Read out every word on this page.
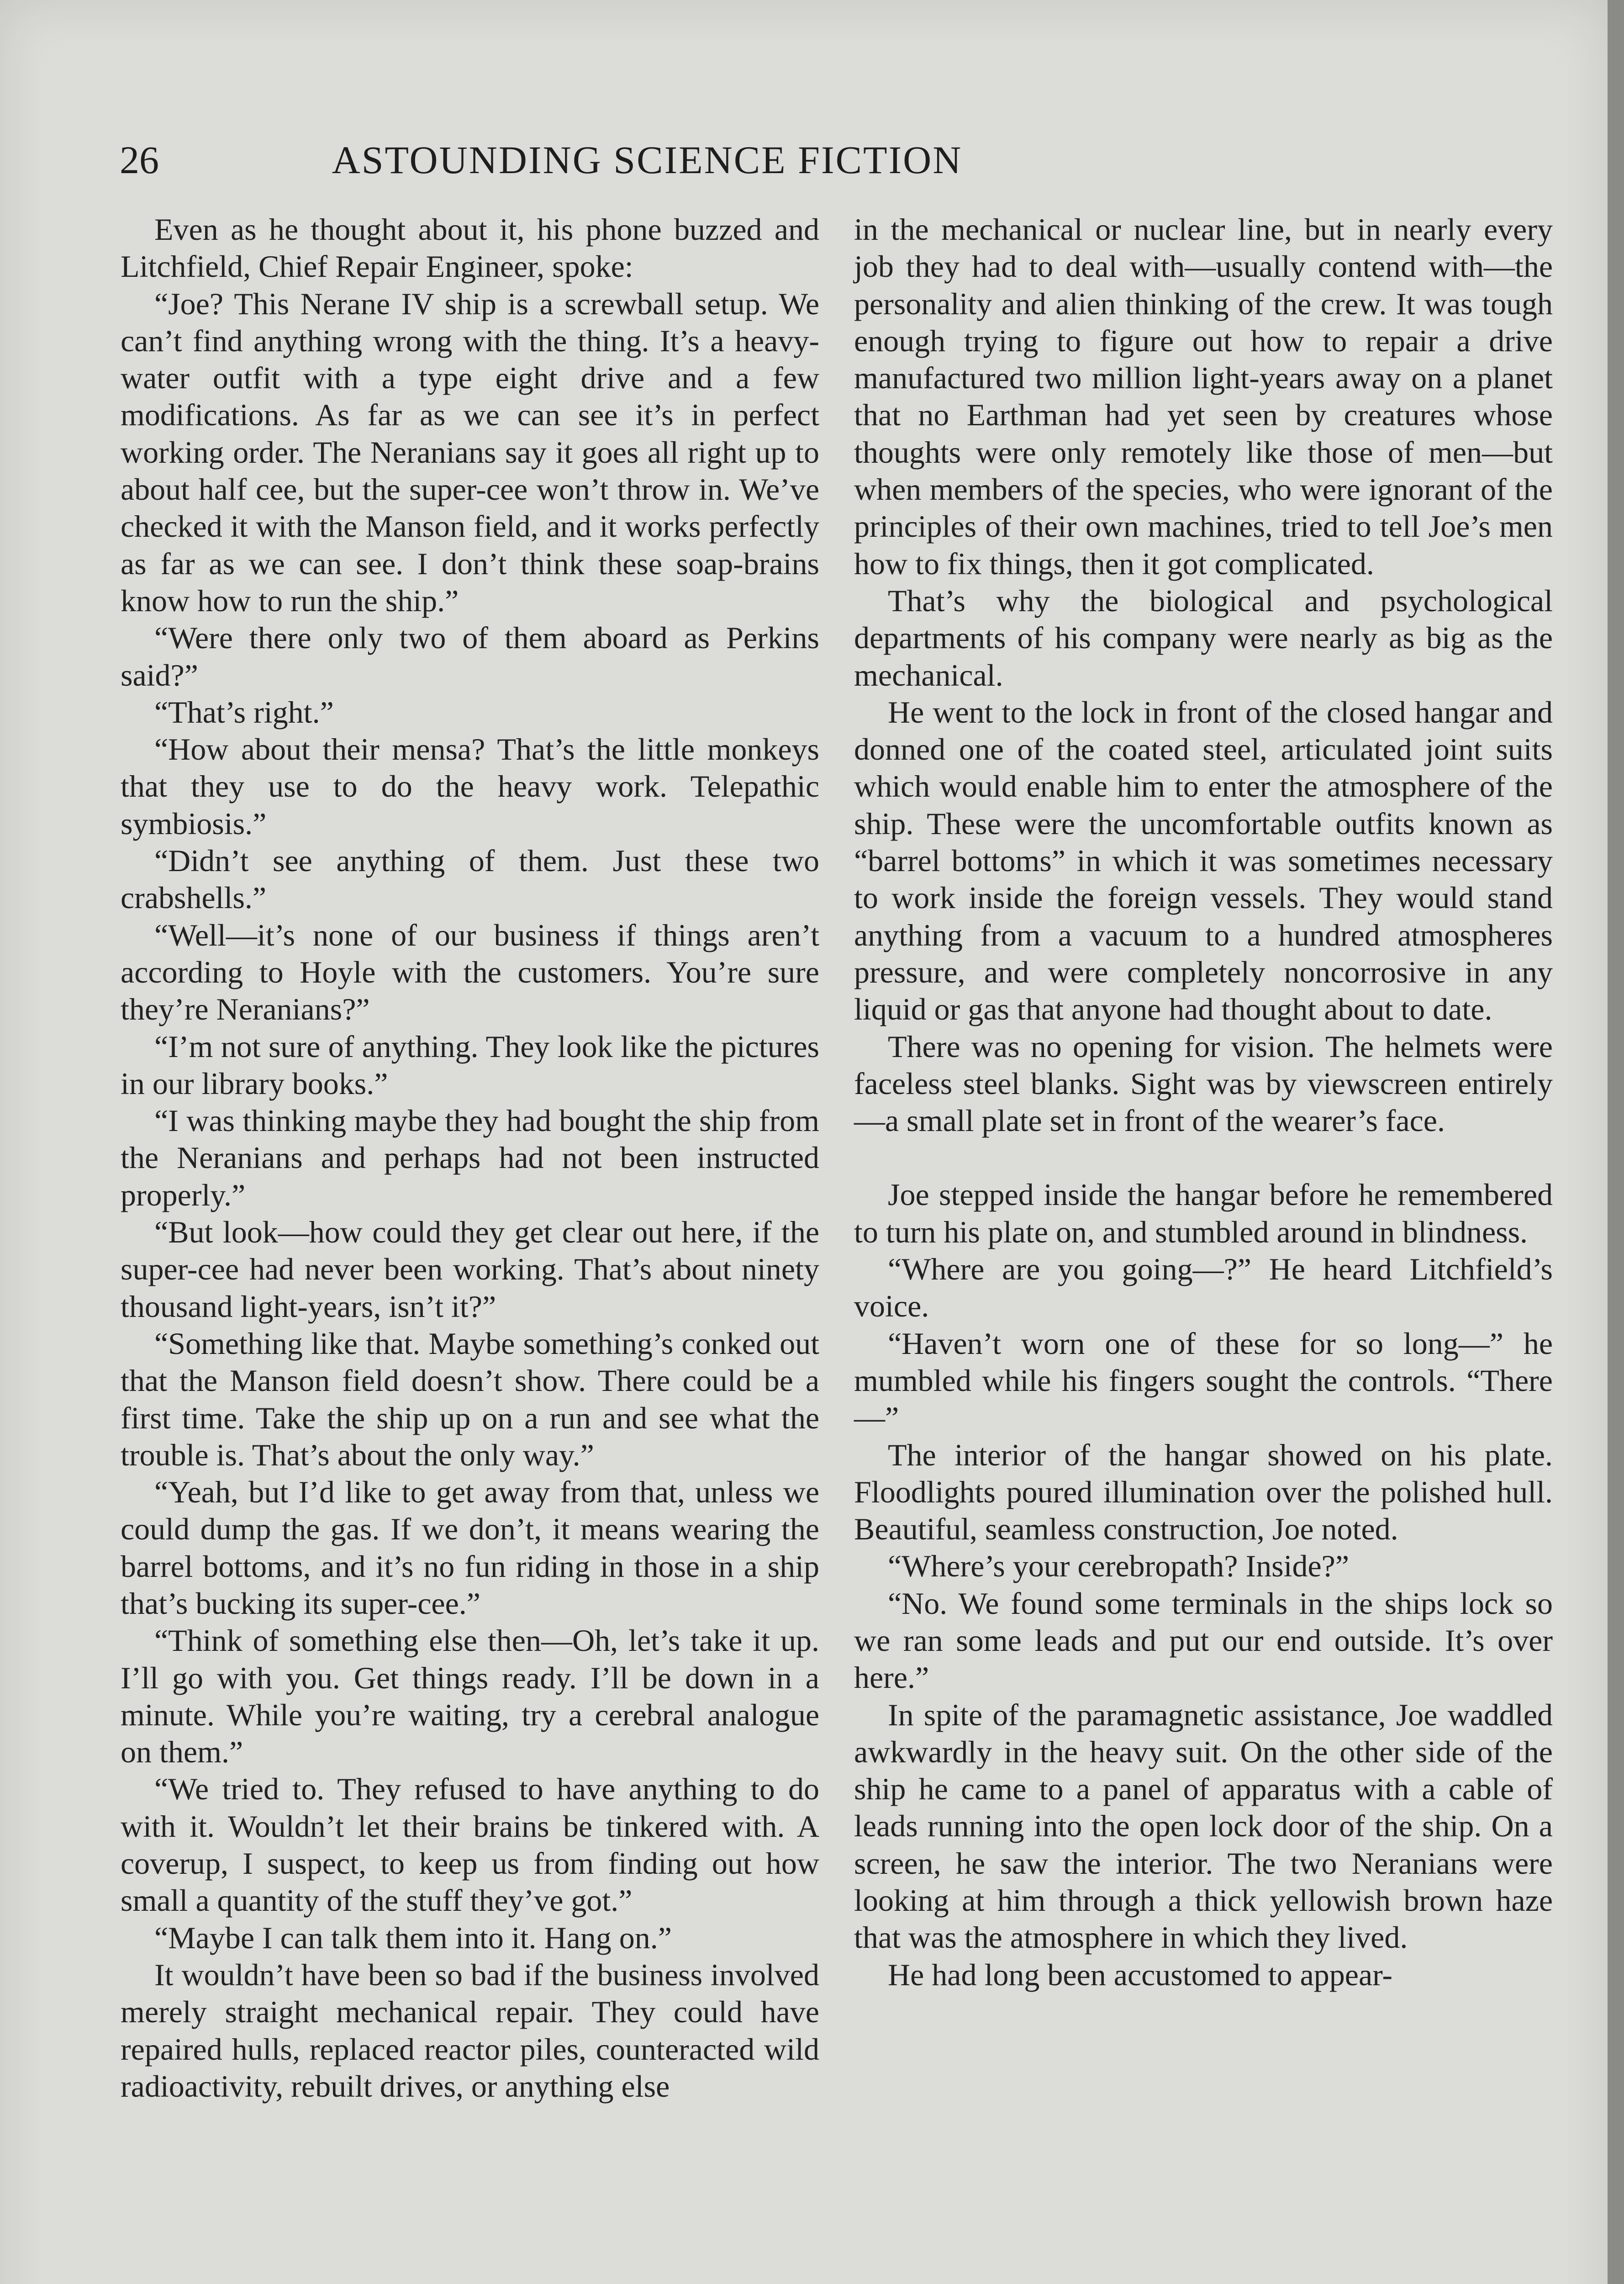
26	ASTOUNDING SCIENCE FICTION

Even as he thought about it, his phone buzzed and Litchfield, Chief Repair Engineer, spoke:

“Joe? This Nerane IV ship is a screwball setup. We can’t find anything wrong with the thing. It’s a heavy-water outfit with a type eight drive and a few modifications. As far as we can see it’s in perfect working order. The Neranians say it goes all right up to about half cee, but the super-cee won’t throw in. We’ve checked it with the Manson field, and it works perfectly as far as we can see. I don’t think these soap-brains know how to run the ship.”

“Were there only two of them aboard as Perkins said?”

“That’s right.”

“How about their mensa? That’s the little monkeys that they use to do the heavy work. Telepathic symbiosis.”

“Didn’t see anything of them. Just these two crabshells.”

“Well—it’s none of our business if things aren’t according to Hoyle with the customers. You’re sure they’re Neranians?”

“I’m not sure of anything. They look like the pictures in our library books.”

“I was thinking maybe they had bought the ship from the Neranians and perhaps had not been instructed properly.”

“But look—how could they get clear out here, if the super-cee had never been working. That’s about ninety thousand light-years, isn’t it?”

“Something like that. Maybe something’s conked out that the Manson field doesn’t show. There could be a first time. Take the ship up on a run and see what the trouble is. That’s about the only way.”

“Yeah, but I’d like to get away from that, unless we could dump the gas. If we don’t, it means wearing the barrel bottoms, and it’s no fun riding in those in a ship that’s bucking its super-cee.”

“Think of something else then—Oh, let’s take it up. I’ll go with you. Get things ready. I’ll be down in a minute. While you’re waiting, try a cerebral analogue on them.”

“We tried to. They refused to have anything to do with it. Wouldn’t let their brains be tinkered with. A coverup, I suspect, to keep us from finding out how small a quantity of the stuff they’ve got.”

“Maybe I can talk them into it. Hang on.”

It wouldn’t have been so bad if the business involved merely straight mechanical repair. They could have repaired hulls, replaced reactor piles, counteracted wild radioactivity, rebuilt drives, or anything else

in the mechanical or nuclear line, but in nearly every job they had to deal with—usually contend with—the personality and alien thinking of the crew. It was tough enough trying to figure out how to repair a drive manufactured two million light-years away on a planet that no Earthman had yet seen by creatures whose thoughts were only remotely like those of men—but when members of the species, who were ignorant of the principles of their own machines, tried to tell Joe’s men how to fix things, then it got complicated.

That’s why the biological and psychological departments of his company were nearly as big as the mechanical.

He went to the lock in front of the closed hangar and donned one of the coated steel, articulated joint suits which would enable him to enter the atmosphere of the ship. These were the uncomfortable outfits known as “barrel bottoms” in which it was sometimes necessary to work inside the foreign vessels. They would stand anything from a vacuum to a hundred atmospheres pressure, and were completely noncorrosive in any liquid or gas that anyone had thought about to date.

There was no opening for vision. The helmets were faceless steel blanks. Sight was by viewscreen entirely—a small plate set in front of the wearer’s face.

Joe stepped inside the hangar before he remembered to turn his plate on, and stumbled around in blindness.

“Where are you going—?” He heard Litchfield’s voice.

“Haven’t worn one of these for so long—” he mumbled while his fingers sought the controls. “There—”

The interior of the hangar showed on his plate. Floodlights poured illumination over the polished hull. Beautiful, seamless construction, Joe noted.

“Where’s your cerebropath? Inside?”

“No. We found some terminals in the ships lock so we ran some leads and put our end outside. It’s over here.”

In spite of the paramagnetic assistance, Joe waddled awkwardly in the heavy suit. On the other side of the ship he came to a panel of apparatus with a cable of leads running into the open lock door of the ship. On a screen, he saw the interior. The two Neranians were looking at him through a thick yellowish brown haze that was the atmosphere in which they lived.

He had long been accustomed to appear-
